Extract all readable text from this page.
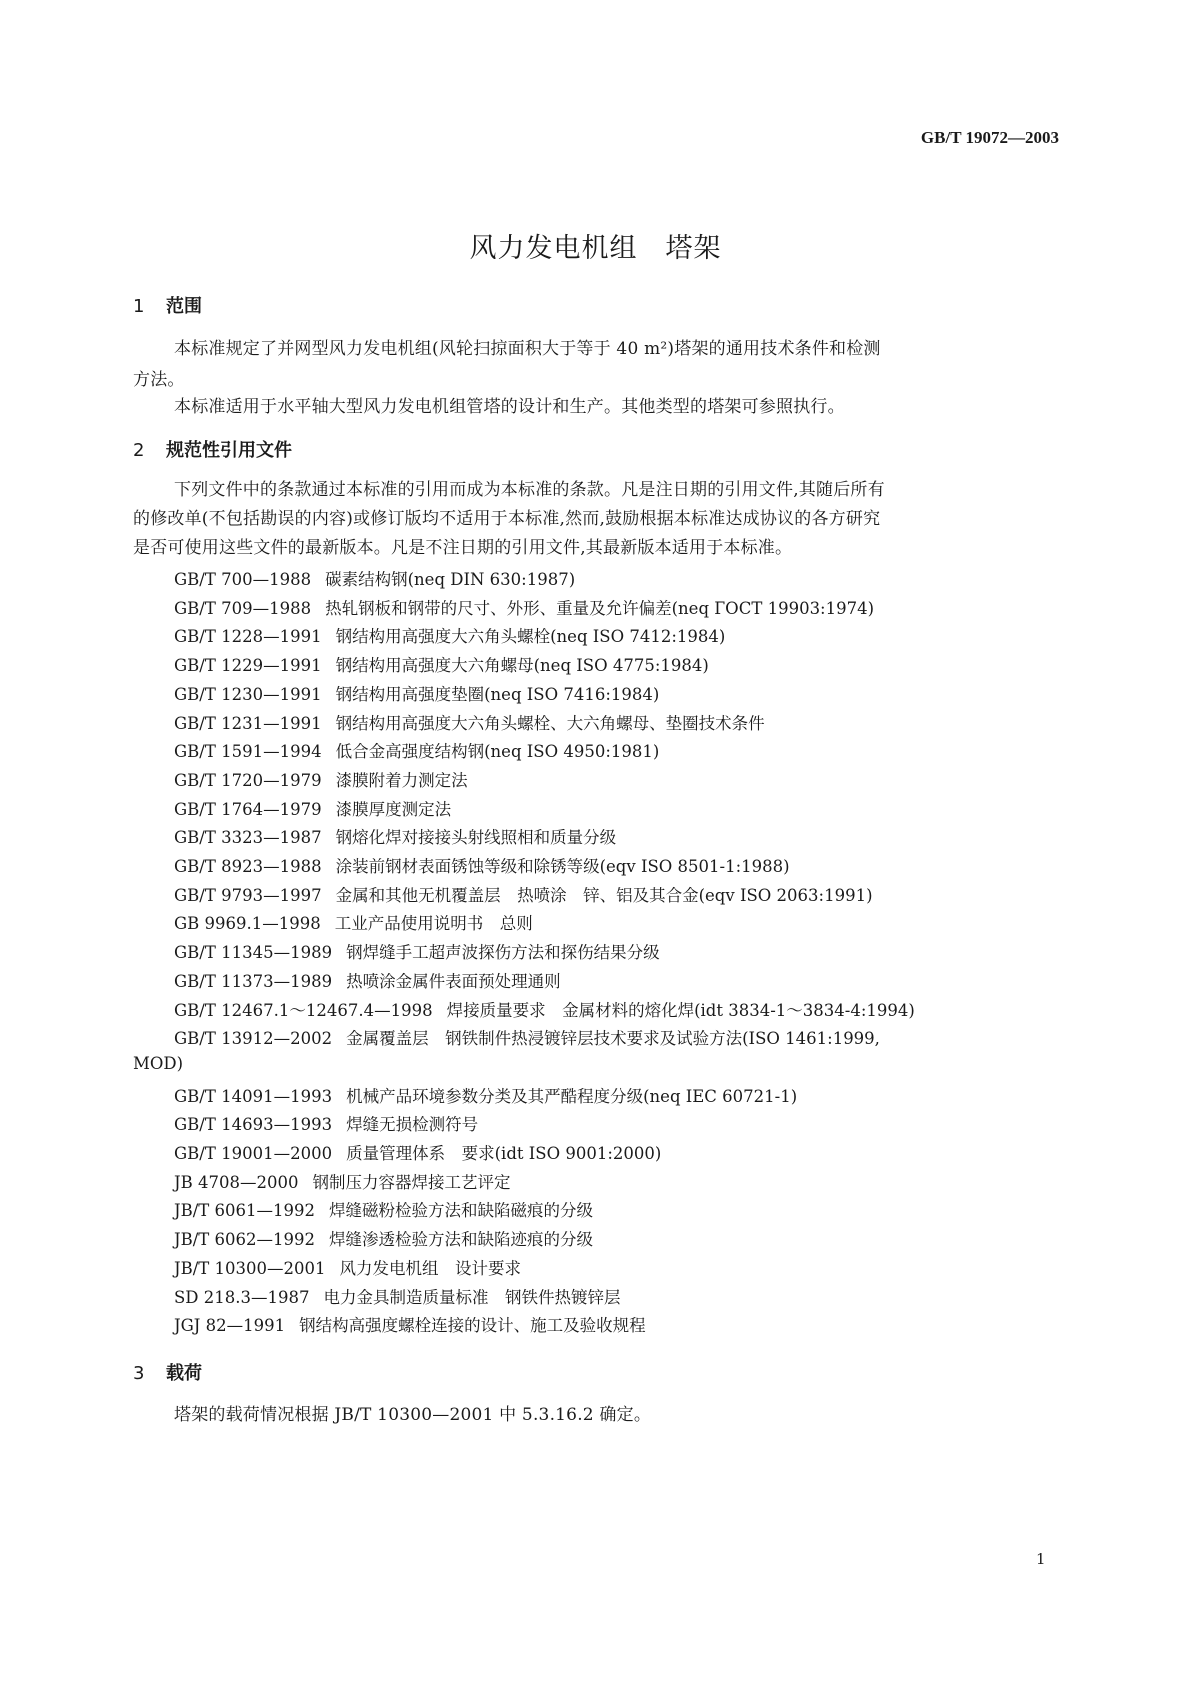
GB/T 19072—2003
风力发电机组　塔架
1 范围
本标准规定了并网型风力发电机组(风轮扫掠面积大于等于 40 m²)塔架的通用技术条件和检测
方法。
本标准适用于水平轴大型风力发电机组管塔的设计和生产。其他类型的塔架可参照执行。
2 规范性引用文件
下列文件中的条款通过本标准的引用而成为本标准的条款。凡是注日期的引用文件,其随后所有
的修改单(不包括勘误的内容)或修订版均不适用于本标准,然而,鼓励根据本标准达成协议的各方研究
是否可使用这些文件的最新版本。凡是不注日期的引用文件,其最新版本适用于本标准。
GB/T 700—1988 碳素结构钢(neq DIN 630:1987)
GB/T 709—1988 热轧钢板和钢带的尺寸、外形、重量及允许偏差(neq ГОСТ 19903:1974)
GB/T 1228—1991 钢结构用高强度大六角头螺栓(neq ISO 7412:1984)
GB/T 1229—1991 钢结构用高强度大六角螺母(neq ISO 4775:1984)
GB/T 1230—1991 钢结构用高强度垫圈(neq ISO 7416:1984)
GB/T 1231—1991 钢结构用高强度大六角头螺栓、大六角螺母、垫圈技术条件
GB/T 1591—1994 低合金高强度结构钢(neq ISO 4950:1981)
GB/T 1720—1979 漆膜附着力测定法
GB/T 1764—1979 漆膜厚度测定法
GB/T 3323—1987 钢熔化焊对接接头射线照相和质量分级
GB/T 8923—1988 涂装前钢材表面锈蚀等级和除锈等级(eqv ISO 8501-1:1988)
GB/T 9793—1997 金属和其他无机覆盖层　热喷涂　锌、铝及其合金(eqv ISO 2063:1991)
GB 9969.1—1998 工业产品使用说明书　总则
GB/T 11345—1989 钢焊缝手工超声波探伤方法和探伤结果分级
GB/T 11373—1989 热喷涂金属件表面预处理通则
GB/T 12467.1～12467.4—1998 焊接质量要求　金属材料的熔化焊(idt 3834-1～3834-4:1994)
GB/T 13912—2002 金属覆盖层　钢铁制件热浸镀锌层技术要求及试验方法(ISO 1461:1999,
MOD)
GB/T 14091—1993 机械产品环境参数分类及其严酷程度分级(neq IEC 60721-1)
GB/T 14693—1993 焊缝无损检测符号
GB/T 19001—2000 质量管理体系　要求(idt ISO 9001:2000)
JB 4708—2000 钢制压力容器焊接工艺评定
JB/T 6061—1992 焊缝磁粉检验方法和缺陷磁痕的分级
JB/T 6062—1992 焊缝渗透检验方法和缺陷迹痕的分级
JB/T 10300—2001 风力发电机组　设计要求
SD 218.3—1987 电力金具制造质量标准　钢铁件热镀锌层
JGJ 82—1991 钢结构高强度螺栓连接的设计、施工及验收规程
3 载荷
塔架的载荷情况根据 JB/T 10300—2001 中 5.3.16.2 确定。
1
